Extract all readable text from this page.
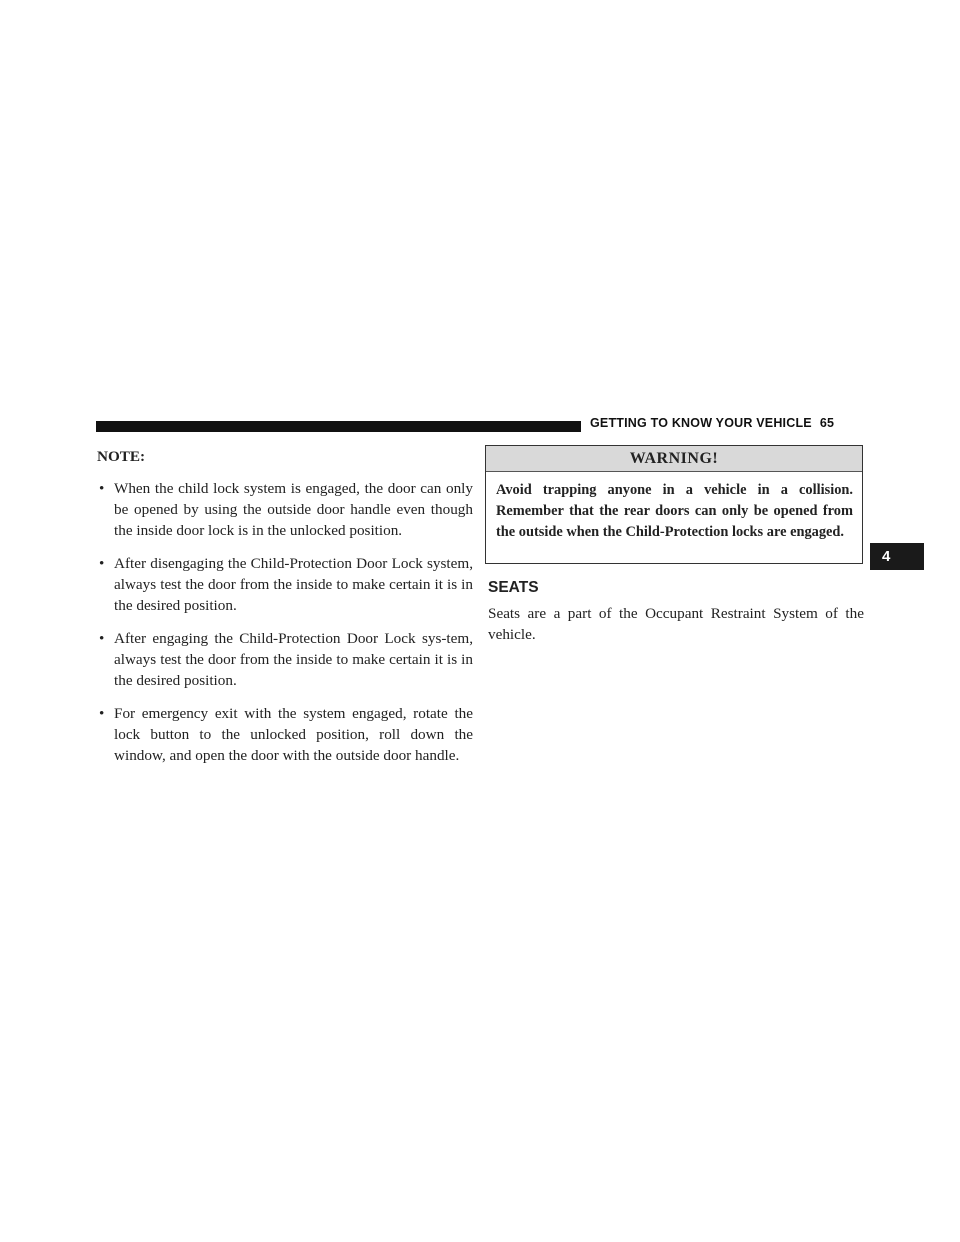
GETTING TO KNOW YOUR VEHICLE 65
4

NOTE:

• When the child lock system is engaged, the door can only be opened by using the outside door handle even though the inside door lock is in the unlocked position.
• After disengaging the Child-Protection Door Lock system, always test the door from the inside to make certain it is in the desired position.
• After engaging the Child-Protection Door Lock sys-tem, always test the door from the inside to make certain it is in the desired position.
• For emergency exit with the system engaged, rotate the lock button to the unlocked position, roll down the window, and open the door with the outside door handle.
WARNING!
Avoid trapping anyone in a vehicle in a collision. Remember that the rear doors can only be opened from the outside when the Child-Protection locks are engaged.
SEATS
Seats are a part of the Occupant Restraint System of the vehicle.
